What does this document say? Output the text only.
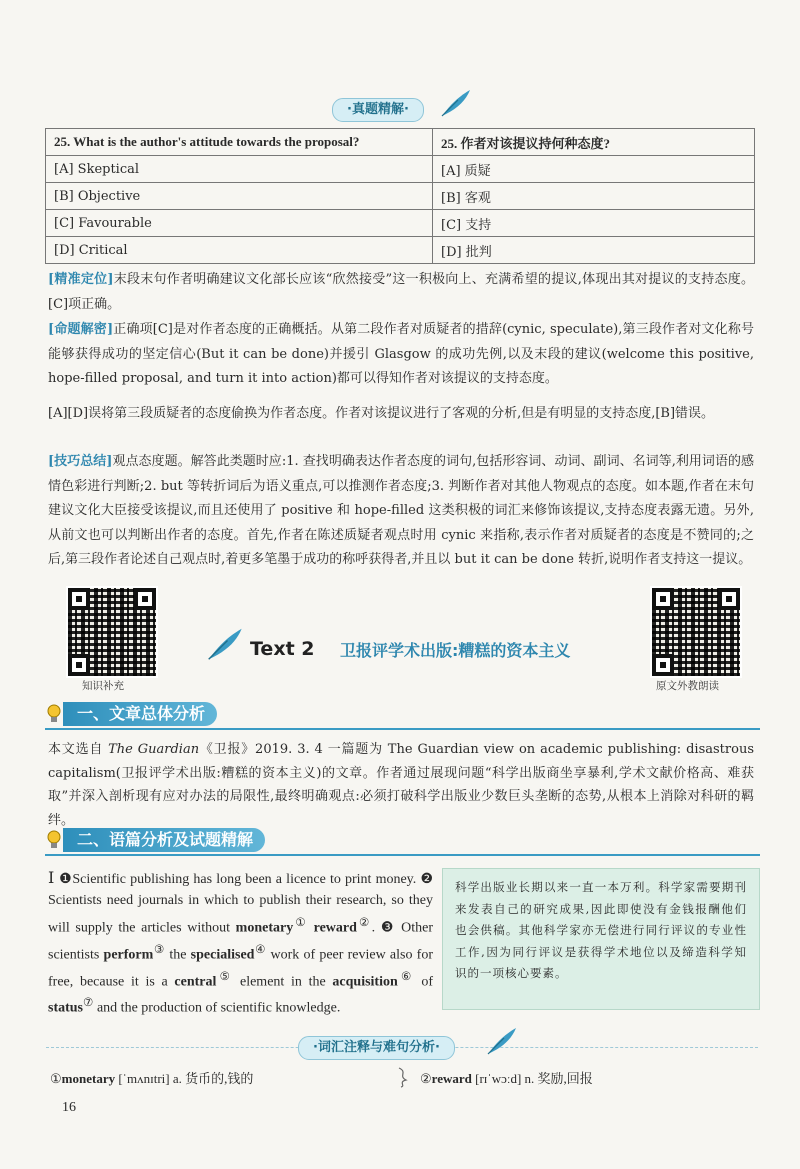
·真题精解·
25. What is the author's attitude towards the proposal?	25. 作者对该提议持何种态度?
[A] Skeptical	[A] 质疑
[B] Objective	[B] 客观
[C] Favourable	[C] 支持
[D] Critical	[D] 批判
[精准定位]末段末句作者明确建议文化部长应该“欣然接受”这一积极向上、充满希望的提议,体现出其对提议的支持态度。[C]项正确。
[命题解密]正确项[C]是对作者态度的正确概括。从第二段作者对质疑者的措辞(cynic, speculate),第三段作者对文化称号能够获得成功的坚定信心(But it can be done)并援引 Glasgow 的成功先例,以及末段的建议(welcome this positive, hope-filled proposal, and turn it into action)都可以得知作者对该提议的支持态度。
[A][D]误将第三段质疑者的态度偷换为作者态度。作者对该提议进行了客观的分析,但是有明显的支持态度,[B]错误。
[技巧总结]观点态度题。解答此类题时应:1. 查找明确表达作者态度的词句,包括形容词、动词、副词、名词等,利用词语的感情色彩进行判断;2. but 等转折词后为语义重点,可以推测作者态度;3. 判断作者对其他人物观点的态度。如本题,作者在末句建议文化大臣接受该提议,而且还使用了 positive 和 hope-filled 这类积极的词汇来修饰该提议,支持态度表露无遗。另外,从前文也可以判断出作者的态度。首先,作者在陈述质疑者观点时用 cynic 来指称,表示作者对质疑者的态度是不赞同的;之后,第三段作者论述自己观点时,着更多笔墨于成功的称呼获得者,并且以 but it can be done 转折,说明作者支持这一提议。
知识补充
Text 2 卫报评学术出版:糟糕的资本主义
原文外教朗读
一、文章总体分析
本文选自 The Guardian《卫报》2019. 3. 4 一篇题为 The Guardian view on academic publishing: disastrous capitalism(卫报评学术出版:糟糕的资本主义)的文章。作者通过展现问题“科学出版商坐享暴利,学术文献价格高、难获取”并深入剖析现有应对办法的局限性,最终明确观点:必须打破科学出版业少数巨头垄断的态势,从根本上消除对科研的羁绊。
二、语篇分析及试题精解
Ⅰ ❶Scientific publishing has long been a licence to print money. ❷ Scientists need journals in which to publish their research, so they will supply the articles without monetary① reward②. ❸ Other scientists perform③ the specialised④ work of peer review also for free, because it is a central⑤ element in the acquisition⑥ of status⑦ and the production of scientific knowledge.
科学出版业长期以来一直一本万利。科学家需要期刊来发表自己的研究成果,因此即使没有金钱报酬他们也会供稿。其他科学家亦无偿进行同行评议的专业性工作,因为同行评议是获得学术地位以及缔造科学知识的一项核心要素。
·词汇注释与难句分析·
①monetary [ˈmʌnɪtri] a. 货币的,钱的	②reward [rɪˈwɔːd] n. 奖励,回报
16
